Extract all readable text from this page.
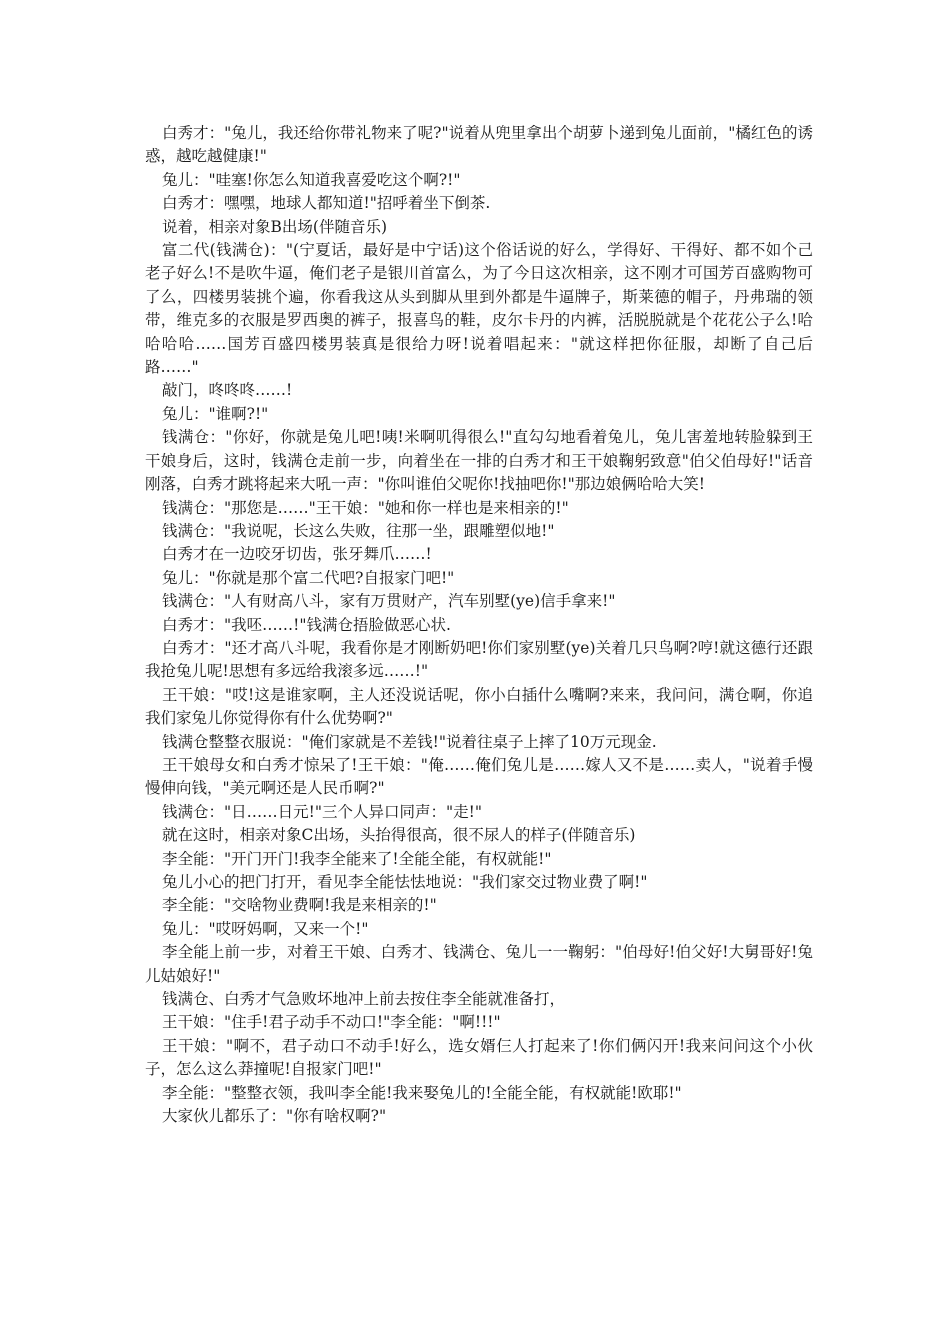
白秀才："兔儿，我还给你带礼物来了呢?"说着从兜里拿出个胡萝卜递到兔儿面前，"橘红色的诱惑，越吃越健康!"

兔儿："哇塞!你怎么知道我喜爱吃这个啊?!"

白秀才：嘿嘿，地球人都知道!"招呼着坐下倒茶.

说着，相亲对象B出场(伴随音乐)

富二代(钱满仓)："(宁夏话，最好是中宁话)这个俗话说的好么，学得好、干得好、都不如个己老子好么!不是吹牛逼，俺们老子是银川首富么，为了今日这次相亲，这不刚才可国芳百盛购物可了么，四楼男装挑个遍，你看我这从头到脚从里到外都是牛逼牌子，斯莱德的帽子，丹弗瑞的领带，维克多的衣服是罗西奥的裤子，报喜鸟的鞋，皮尔卡丹的内裤，活脱脱就是个花花公子么!哈哈哈哈……国芳百盛四楼男装真是很给力呀!说着唱起来："就这样把你征服，却断了自己后路……"

敲门，咚咚咚……!

兔儿："谁啊?!"

钱满仓："你好，你就是兔儿吧!咦!米啊叽得很么!"直勾勾地看着兔儿，兔儿害羞地转脸躲到王干娘身后，这时，钱满仓走前一步，向着坐在一排的白秀才和王干娘鞠躬致意"伯父伯母好!"话音刚落，白秀才跳将起来大吼一声："你叫谁伯父呢你!找抽吧你!"那边娘俩哈哈大笑!

钱满仓："那您是……"王干娘："她和你一样也是来相亲的!"

钱满仓："我说呢，长这么失败，往那一坐，跟雕塑似地!"

白秀才在一边咬牙切齿，张牙舞爪……!

兔儿："你就是那个富二代吧?自报家门吧!"

钱满仓："人有财高八斗，家有万贯财产，汽车别墅(ye)信手拿来!"

白秀才："我呸……!"钱满仓捂脸做恶心状.

白秀才："还才高八斗呢，我看你是才刚断奶吧!你们家别墅(ye)关着几只鸟啊?哼!就这德行还跟我抢兔儿呢!思想有多远给我滚多远……!"

王干娘："哎!这是谁家啊，主人还没说话呢，你小白插什么嘴啊?来来，我问问，满仓啊，你追我们家兔儿你觉得你有什么优势啊?"

钱满仓整整衣服说："俺们家就是不差钱!"说着往桌子上摔了10万元现金.

王干娘母女和白秀才惊呆了!王干娘："俺……俺们兔儿是……嫁人又不是……卖人，"说着手慢慢伸向钱，"美元啊还是人民币啊?"

钱满仓："日……日元!"三个人异口同声："走!"

就在这时，相亲对象C出场，头抬得很高，很不尿人的样子(伴随音乐)

李全能："开门开门!我李全能来了!全能全能，有权就能!"

兔儿小心的把门打开，看见李全能怯怯地说："我们家交过物业费了啊!"

李全能："交啥物业费啊!我是来相亲的!"

兔儿："哎呀妈啊，又来一个!"

李全能上前一步，对着王干娘、白秀才、钱满仓、兔儿一一鞠躬："伯母好!伯父好!大舅哥好!兔儿姑娘好!"

钱满仓、白秀才气急败坏地冲上前去按住李全能就准备打，

王干娘："住手!君子动手不动口!"李全能："啊!!!"

王干娘："啊不，君子动口不动手!好么，选女婿仨人打起来了!你们俩闪开!我来问问这个小伙子，怎么这么莽撞呢!自报家门吧!"

李全能："整整衣领，我叫李全能!我来娶兔儿的!全能全能，有权就能!欧耶!"

大家伙儿都乐了："你有啥权啊?"
